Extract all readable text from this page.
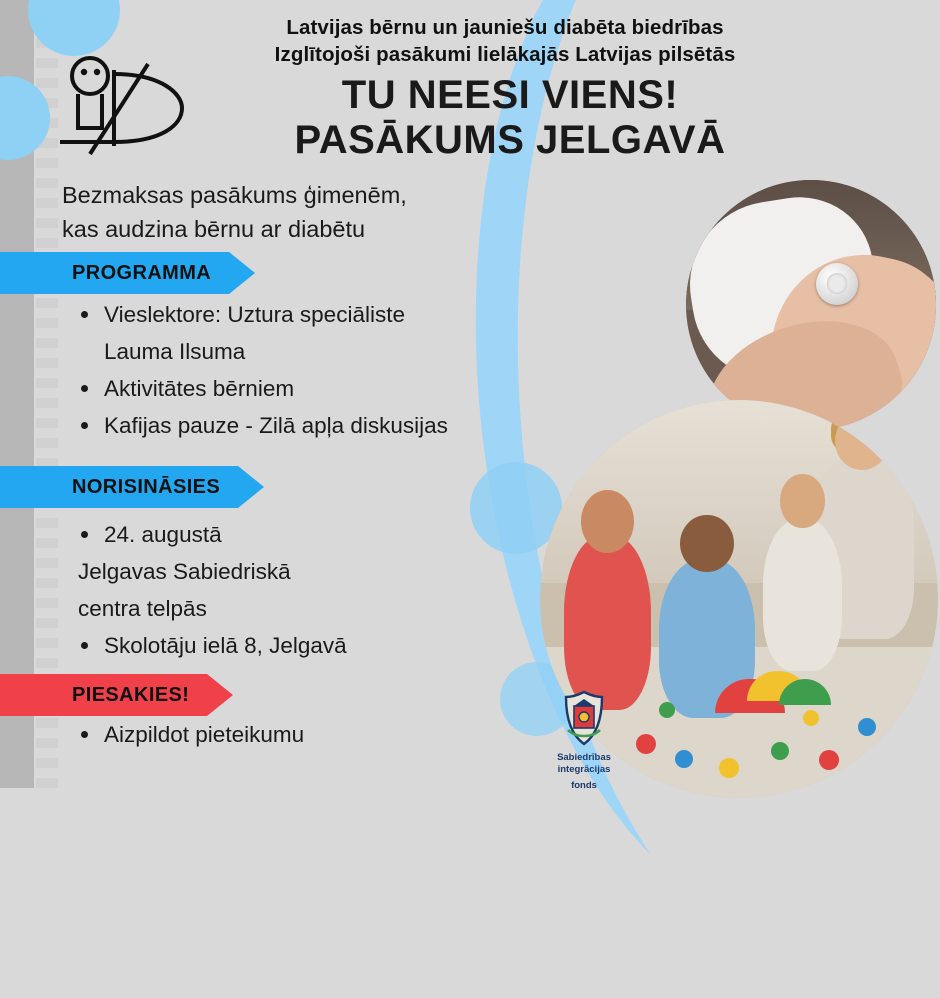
Latvijas bērnu un jauniešu diabēta biedrības
Izglītojoši pasākumi lielākajās Latvijas pilsētās
TU NEESI VIENS!
PASĀKUMS JELGAVĀ
Bezmaksas pasākums ģimenēm,
kas audzina bērnu ar diabētu
PROGRAMMA
Vieslektore: Uztura speciāliste
Lauma Ilsuma
Aktivitātes bērniem
Kafijas pauze - Zilā apļa diskusijas
NORISINĀSIES
24. augustā
Jelgavas Sabiedriskā
centra telpās
Skolotāju ielā 8, Jelgavā
PIESAKIES!
Aizpildot pieteikumu
Sabiedrības integrācijas
fonds
